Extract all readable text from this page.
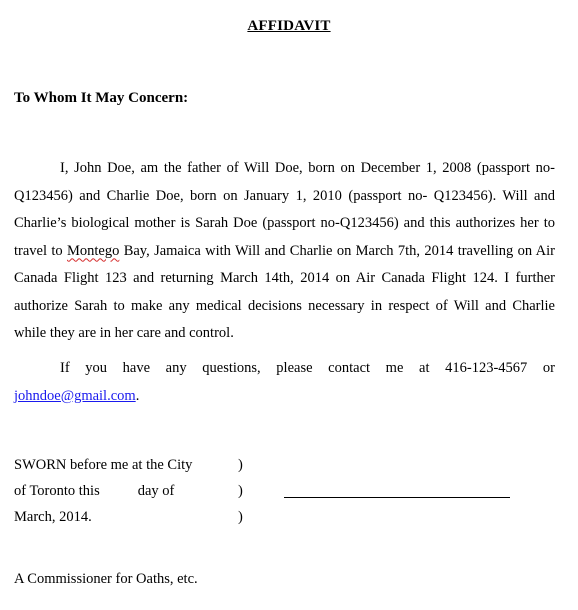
AFFIDAVIT
To Whom It May Concern:

I, John Doe, am the father of Will Doe, born on December 1, 2008 (passport no-Q123456) and Charlie Doe, born on January 1, 2010 (passport no- Q123456). Will and Charlie’s biological mother is Sarah Doe (passport no-Q123456) and this authorizes her to travel to Montego Bay, Jamaica with Will and Charlie on March 7th, 2014 travelling on Air Canada Flight 123 and returning March 14th, 2014 on Air Canada Flight 124. I further authorize Sarah to make any medical decisions necessary in respect of Will and Charlie while they are in her care and control.

If you have any questions, please contact me at 416-123-4567 or johndoe@gmail.com.

SWORN before me at the City
of Toronto this	day of
March, 2014.
)
)
)
A Commissioner for Oaths, etc.
